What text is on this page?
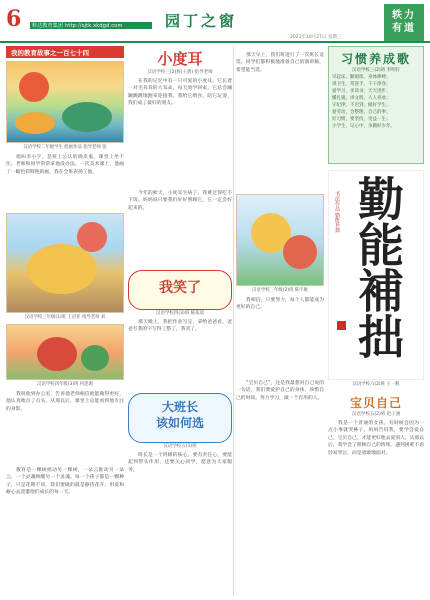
6 科达教育集团 http://sjtk.xkdgd.com	园丁之窗
2021年10月27日 星期三
轶力
有道
我的教育故事之一百七十四
汉语学校二年级学生 绘画作品 指导老师 张
他叫李小宇，是班上公认的调皮鬼，课堂上坐不住，老师和同学常常拿他没办法。一次美术课上，他画了一幅色彩鲜艳的画，我在全班表扬了他。
汉语学校三年级(1)班 王语菲 指导老师 刘
汉语学校四年级(3)班 何思源
我叫他到办公室，告诉他老师相信他能做得更好，他认真地点了点头，从那以后，课堂上总能看到他专注的身影。
教育是一棵树摇动另一棵树，一朵云推动另一朵云，一个灵魂唤醒另一个灵魂。每一个孩子都是一颗种子，只是花期不同，我们要做的就是静待花开，用爱和耐心去浇灌他们成长的每一天。
小度耳
汉语学校三(2)班(王倩) 指导老师
在我的记忆中有一只可爱的小度耳，它长着一对毛茸茸的大耳朵，每天放学回家，它总会蹦蹦跳跳地跑来迎接我。我给它喂食，陪它玩耍，我们成了最好的朋友。
今年的秋天，小度耳生病了，我难过得吃不下饭。妈妈说只要我们好好照顾它，它一定会好起来的。
我笑了
汉语学校四(3)班 陈依晨
那天晚上，我把作业写完，拿给爸爸看，爸爸夸我的字写得工整了，我笑了。
大班长
该如何选
汉语学校五(1)班
班长是一个班级的核心，要有责任心，要能起到带头作用，还要关心同学，愿意为大家服务。
那天早上，我们班进行了一次班长竞选。同学们都积极地准备自己的演讲稿，希望能当选。
汉语学校三年级(2)班 陈宇航
我相信，只要努力，每个人都能成为更好的自己。
“宝贝自己”，这是我最想对自己说的一句话。我们要爱护自己的身体，珍惜自己的时间，努力学习，做一个有用的人。
习惯养成歌
汉语学校三(2)班 李明轩
早起床，勤锻炼，身体棒棒；
讲卫生，常洗手，干干净净；
爱学习，多读书，天天进步；
懂礼貌，讲文明，人人喜欢；
守纪律，不迟到，做好学生；
爱劳动，会整理，自己的事；
好习惯，要坚持，受益一生；
小学生，记心中，争做好少年。
书法作品 勤能补拙 勤能補拙
汉语学校六(2)班 王一帆
宝贝自己
汉语学校五(2)班 赵子涵
我是一个普通的女孩，有时候会因为一点小事就哭鼻子。妈妈告诉我，要学会爱自己，宝贝自己，才能更好地去爱别人。从那以后，我学会了照顾自己的情绪，遇到困难不再轻易哭泣，而是勇敢地面对。
